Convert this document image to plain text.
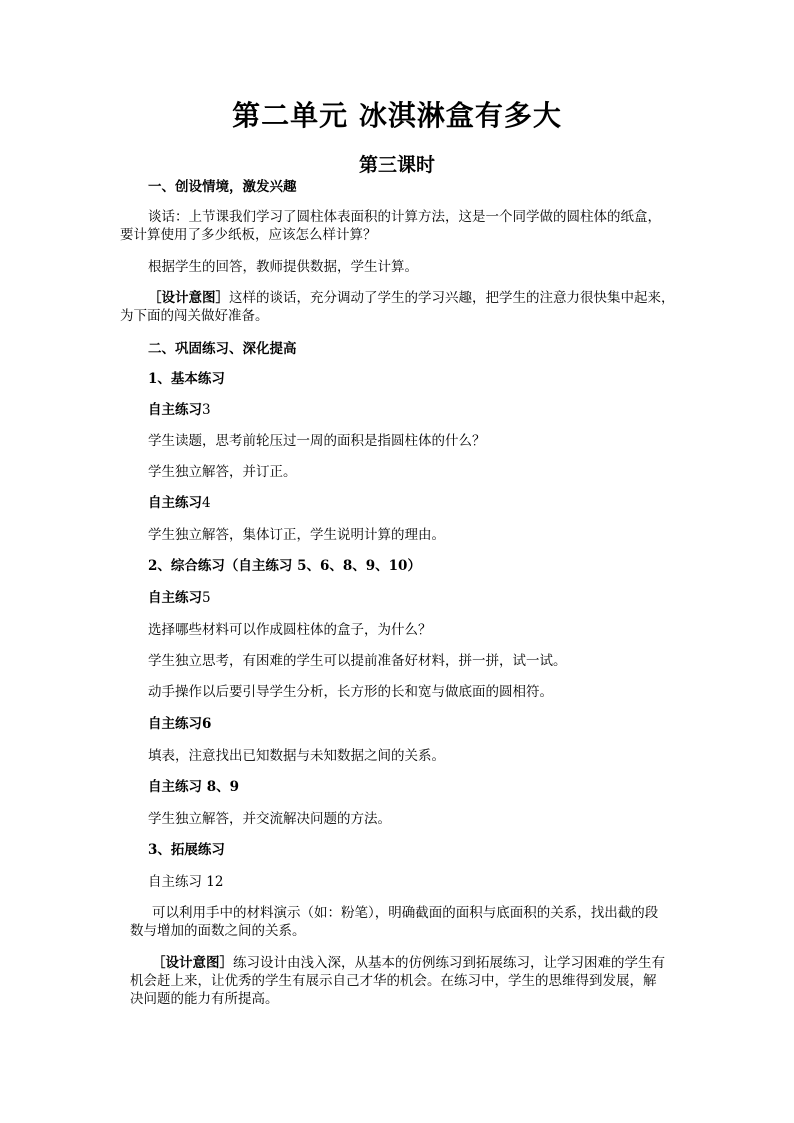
第二单元 冰淇淋盒有多大
第三课时

一、创设情境，激发兴趣

谈话：上节课我们学习了圆柱体表面积的计算方法，这是一个同学做的圆柱体的纸盒，

要计算使用了多少纸板，应该怎么样计算？

根据学生的回答，教师提供数据，学生计算。

［设计意图］这样的谈话，充分调动了学生的学习兴趣，把学生的注意力很快集中起来，

为下面的闯关做好准备。

二、巩固练习、深化提高

1、基本练习

自主练习3

学生读题，思考前轮压过一周的面积是指圆柱体的什么？

学生独立解答，并订正。

自主练习4

学生独立解答，集体订正，学生说明计算的理由。

2、综合练习（自主练习 5、6、8、9、10）

自主练习5

选择哪些材料可以作成圆柱体的盒子，为什么？

学生独立思考，有困难的学生可以提前准备好材料，拼一拼，试一试。

动手操作以后要引导学生分析，长方形的长和宽与做底面的圆相符。

自主练习6

填表，注意找出已知数据与未知数据之间的关系。

自主练习 8、9

学生独立解答，并交流解决问题的方法。

3、拓展练习

自主练习 12

可以利用手中的材料演示（如：粉笔），明确截面的面积与底面积的关系，找出截的段

数与增加的面数之间的关系。

［设计意图］练习设计由浅入深，从基本的仿例练习到拓展练习，让学习困难的学生有

机会赶上来，让优秀的学生有展示自己才华的机会。在练习中，学生的思维得到发展，解

决问题的能力有所提高。
